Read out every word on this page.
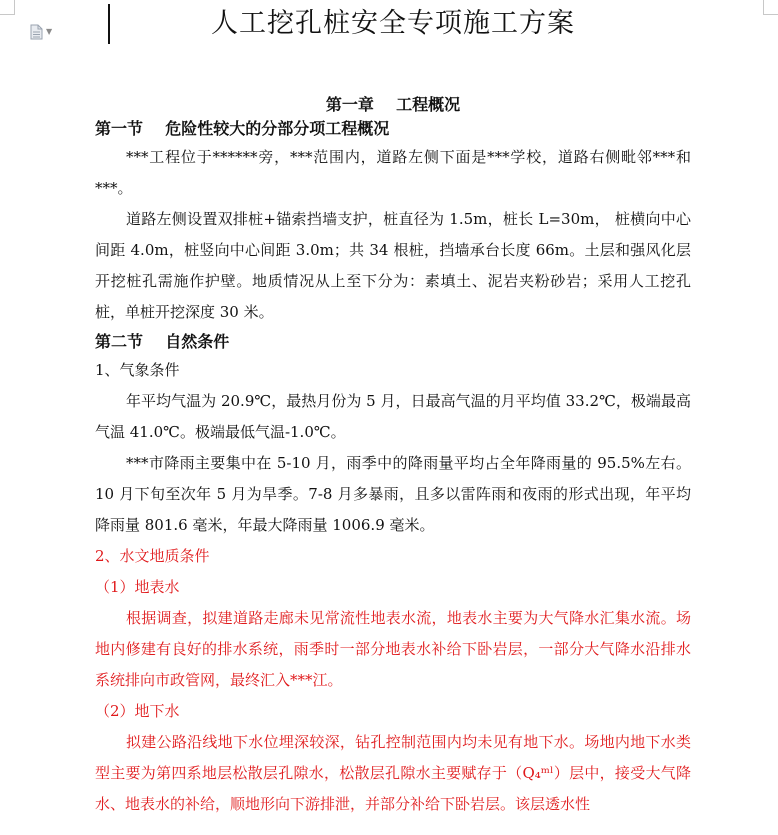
▼	人工挖孔桩安全专项施工方案

第一章    工程概况

第一节    危险性较大的分部分项工程概况

***工程位于******旁，***范围内，道路左侧下面是***学校，道路右侧毗邻***和***。

道路左侧设置双排桩+锚索挡墙支护，桩直径为 1.5m，桩长 L=30m， 桩横向中心间距 4.0m，桩竖向中心间距 3.0m；共 34 根桩，挡墙承台长度 66m。土层和强风化层开挖桩孔需施作护壁。地质情况从上至下分为：素填土、泥岩夹粉砂岩；采用人工挖孔桩，单桩开挖深度 30 米。

第二节    自然条件

1、气象条件

年平均气温为 20.9℃，最热月份为 5 月，日最高气温的月平均值 33.2℃，极端最高气温 41.0℃。极端最低气温-1.0℃。

***市降雨主要集中在 5-10 月，雨季中的降雨量平均占全年降雨量的 95.5%左右。10 月下旬至次年 5 月为旱季。7-8 月多暴雨，且多以雷阵雨和夜雨的形式出现，年平均降雨量 801.6 毫米，年最大降雨量 1006.9 毫米。

2、水文地质条件

（1）地表水

根据调查，拟建道路走廊未见常流性地表水流，地表水主要为大气降水汇集水流。场地内修建有良好的排水系统，雨季时一部分地表水补给下卧岩层，一部分大气降水沿排水系统排向市政管网，最终汇入***江。

（2）地下水

拟建公路沿线地下水位埋深较深，钻孔控制范围内均未见有地下水。场地内地下水类型主要为第四系地层松散层孔隙水，松散层孔隙水主要赋存于（Q₄ᵐˡ）层中，接受大气降水、地表水的补给，顺地形向下游排泄，并部分补给下卧岩层。该层透水性
